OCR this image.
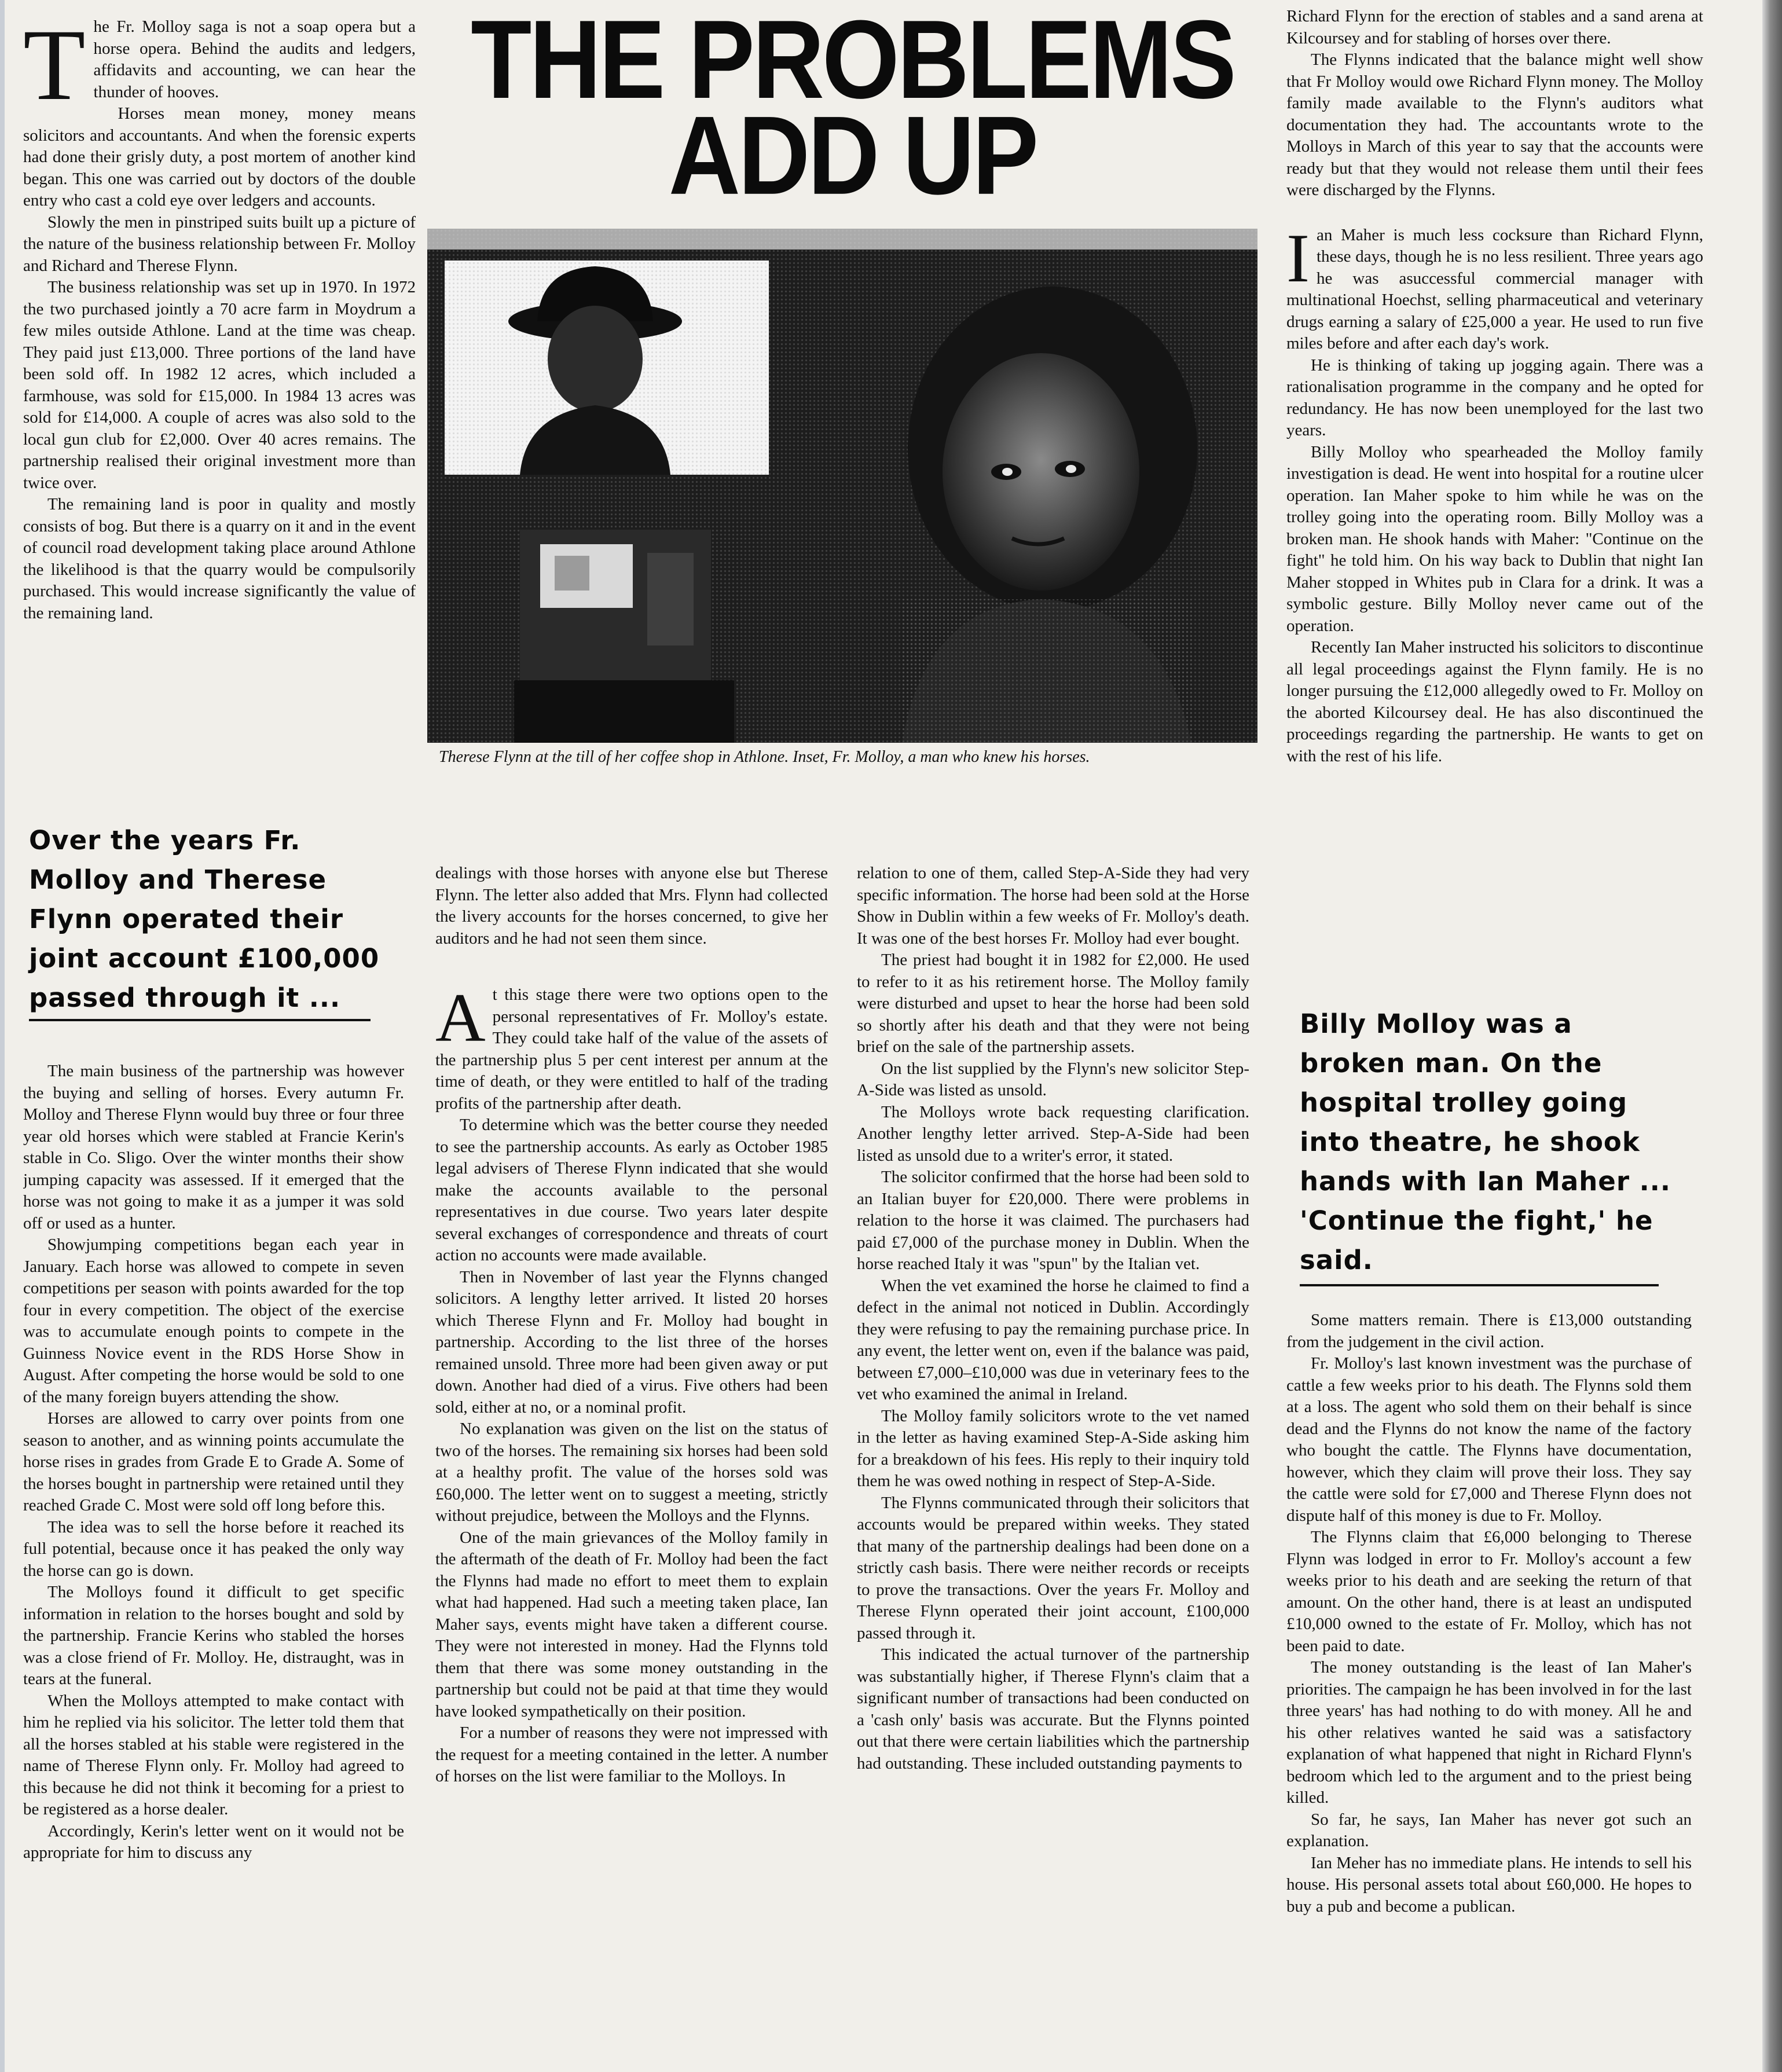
T he Fr. Molloy saga is not a soap opera but a horse opera. Behind the audits and ledgers, affidavits and accounting, we can hear the thunder of hooves.

Horses mean money, money means solicitors and accountants. And when the forensic experts had done their grisly duty, a post mortem of another kind began. This one was carried out by doctors of the double entry who cast a cold eye over ledgers and accounts.

Slowly the men in pinstriped suits built up a picture of the nature of the business relationship between Fr. Molloy and Richard and Therese Flynn.

The business relationship was set up in 1970. In 1972 the two purchased jointly a 70 acre farm in Moydrum a few miles outside Athlone. Land at the time was cheap. They paid just £13,000. Three portions of the land have been sold off. In 1982 12 acres, which included a farmhouse, was sold for £15,000. In 1984 13 acres was sold for £14,000. A couple of acres was also sold to the local gun club for £2,000. Over 40 acres remains. The partnership realised their original investment more than twice over.

The remaining land is poor in quality and mostly consists of bog. But there is a quarry on it and in the event of council road development taking place around Athlone the likelihood is that the quarry would be compulsorily purchased. This would increase significantly the value of the remaining land.

THE PROBLEMS
ADD UP
Therese Flynn at the till of her coffee shop in Athlone. Inset, Fr. Molloy, a man who knew his horses.
Over the years Fr. Molloy and Therese Flynn operated their joint account £100,000 passed through it ...

The main business of the partnership was however the buying and selling of horses. Every autumn Fr. Molloy and Therese Flynn would buy three or four three year old horses which were stabled at Francie Kerin's stable in Co. Sligo. Over the winter months their show jumping capacity was assessed. If it emerged that the horse was not going to make it as a jumper it was sold off or used as a hunter.

Showjumping competitions began each year in January. Each horse was allowed to compete in seven competitions per season with points awarded for the top four in every competition. The object of the exercise was to accumulate enough points to compete in the Guinness Novice event in the RDS Horse Show in August. After competing the horse would be sold to one of the many foreign buyers attending the show.

Horses are allowed to carry over points from one season to another, and as winning points accumulate the horse rises in grades from Grade E to Grade A. Some of the horses bought in partnership were retained until they reached Grade C. Most were sold off long before this.

The idea was to sell the horse before it reached its full potential, because once it has peaked the only way the horse can go is down.

The Molloys found it difficult to get specific information in relation to the horses bought and sold by the partnership. Francie Kerins who stabled the horses was a close friend of Fr. Molloy. He, distraught, was in tears at the funeral.

When the Molloys attempted to make contact with him he replied via his solicitor. The letter told them that all the horses stabled at his stable were registered in the name of Therese Flynn only. Fr. Molloy had agreed to this because he did not think it becoming for a priest to be registered as a horse dealer.

Accordingly, Kerin's letter went on it would not be appropriate for him to discuss any

dealings with those horses with anyone else but Therese Flynn. The letter also added that Mrs. Flynn had collected the livery accounts for the horses concerned, to give her auditors and he had not seen them since.

A t this stage there were two options open to the personal representatives of Fr. Molloy's estate. They could take half of the value of the assets of the partnership plus 5 per cent interest per annum at the time of death, or they were entitled to half of the trading profits of the partnership after death.

To determine which was the better course they needed to see the partnership accounts. As early as October 1985 legal advisers of Therese Flynn indicated that she would make the accounts available to the personal representatives in due course. Two years later despite several exchanges of correspondence and threats of court action no accounts were made available.

Then in November of last year the Flynns changed solicitors. A lengthy letter arrived. It listed 20 horses which Therese Flynn and Fr. Molloy had bought in partnership. According to the list three of the horses remained unsold. Three more had been given away or put down. Another had died of a virus. Five others had been sold, either at no, or a nominal profit.

No explanation was given on the list on the status of two of the horses. The remaining six horses had been sold at a healthy profit. The value of the horses sold was £60,000. The letter went on to suggest a meeting, strictly without prejudice, between the Molloys and the Flynns.

One of the main grievances of the Molloy family in the aftermath of the death of Fr. Molloy had been the fact the Flynns had made no effort to meet them to explain what had happened. Had such a meeting taken place, Ian Maher says, events might have taken a different course. They were not interested in money. Had the Flynns told them that there was some money outstanding in the partnership but could not be paid at that time they would have looked sympathetically on their position.

For a number of reasons they were not impressed with the request for a meeting contained in the letter. A number of horses on the list were familiar to the Molloys. In

relation to one of them, called Step-A-Side they had very specific information. The horse had been sold at the Horse Show in Dublin within a few weeks of Fr. Molloy's death. It was one of the best horses Fr. Molloy had ever bought.

The priest had bought it in 1982 for £2,000. He used to refer to it as his retirement horse. The Molloy family were disturbed and upset to hear the horse had been sold so shortly after his death and that they were not being brief on the sale of the partnership assets.

On the list supplied by the Flynn's new solicitor Step-A-Side was listed as unsold.

The Molloys wrote back requesting clarification. Another lengthy letter arrived. Step-A-Side had been listed as unsold due to a writer's error, it stated.

The solicitor confirmed that the horse had been sold to an Italian buyer for £20,000. There were problems in relation to the horse it was claimed. The purchasers had paid £7,000 of the purchase money in Dublin. When the horse reached Italy it was "spun" by the Italian vet.

When the vet examined the horse he claimed to find a defect in the animal not noticed in Dublin. Accordingly they were refusing to pay the remaining purchase price. In any event, the letter went on, even if the balance was paid, between £7,000–£10,000 was due in veterinary fees to the vet who examined the animal in Ireland.

The Molloy family solicitors wrote to the vet named in the letter as having examined Step-A-Side asking him for a breakdown of his fees. His reply to their inquiry told them he was owed nothing in respect of Step-A-Side.

The Flynns communicated through their solicitors that accounts would be prepared within weeks. They stated that many of the partnership dealings had been done on a strictly cash basis. There were neither records or receipts to prove the transactions. Over the years Fr. Molloy and Therese Flynn operated their joint account, £100,000 passed through it.

This indicated the actual turnover of the partnership was substantially higher, if Therese Flynn's claim that a significant number of transactions had been conducted on a 'cash only' basis was accurate. But the Flynns pointed out that there were certain liabilities which the partnership had outstanding. These included outstanding payments to

Richard Flynn for the erection of stables and a sand arena at Kilcoursey and for stabling of horses over there.

The Flynns indicated that the balance might well show that Fr Molloy would owe Richard Flynn money. The Molloy family made available to the Flynn's auditors what documentation they had. The accountants wrote to the Molloys in March of this year to say that the accounts were ready but that they would not release them until their fees were discharged by the Flynns.

I an Maher is much less cocksure than Richard Flynn, these days, though he is no less resilient. Three years ago he was asuccessful commercial manager with multinational Hoechst, selling pharmaceutical and veterinary drugs earning a salary of £25,000 a year. He used to run five miles before and after each day's work.

He is thinking of taking up jogging again. There was a rationalisation programme in the company and he opted for redundancy. He has now been unemployed for the last two years.

Billy Molloy who spearheaded the Molloy family investigation is dead. He went into hospital for a routine ulcer operation. Ian Maher spoke to him while he was on the trolley going into the operating room. Billy Molloy was a broken man. He shook hands with Maher: "Continue on the fight" he told him. On his way back to Dublin that night Ian Maher stopped in Whites pub in Clara for a drink. It was a symbolic gesture. Billy Molloy never came out of the operation.

Recently Ian Maher instructed his solicitors to discontinue all legal proceedings against the Flynn family. He is no longer pursuing the £12,000 allegedly owed to Fr. Molloy on the aborted Kilcoursey deal. He has also discontinued the proceedings regarding the partnership. He wants to get on with the rest of his life.

Billy Molloy was a broken man. On the hospital trolley going into theatre, he shook hands with Ian Maher ... 'Continue the fight,' he said.

Some matters remain. There is £13,000 outstanding from the judgement in the civil action.

Fr. Molloy's last known investment was the purchase of cattle a few weeks prior to his death. The Flynns sold them at a loss. The agent who sold them on their behalf is since dead and the Flynns do not know the name of the factory who bought the cattle. The Flynns have documentation, however, which they claim will prove their loss. They say the cattle were sold for £7,000 and Therese Flynn does not dispute half of this money is due to Fr. Molloy.

The Flynns claim that £6,000 belonging to Therese Flynn was lodged in error to Fr. Molloy's account a few weeks prior to his death and are seeking the return of that amount. On the other hand, there is at least an undisputed £10,000 owned to the estate of Fr. Molloy, which has not been paid to date.

The money outstanding is the least of Ian Maher's priorities. The campaign he has been involved in for the last three years' has had nothing to do with money. All he and his other relatives wanted he said was a satisfactory explanation of what happened that night in Richard Flynn's bedroom which led to the argument and to the priest being killed.

So far, he says, Ian Maher has never got such an explanation.

Ian Meher has no immediate plans. He intends to sell his house. His personal assets total about £60,000. He hopes to buy a pub and become a publican.
